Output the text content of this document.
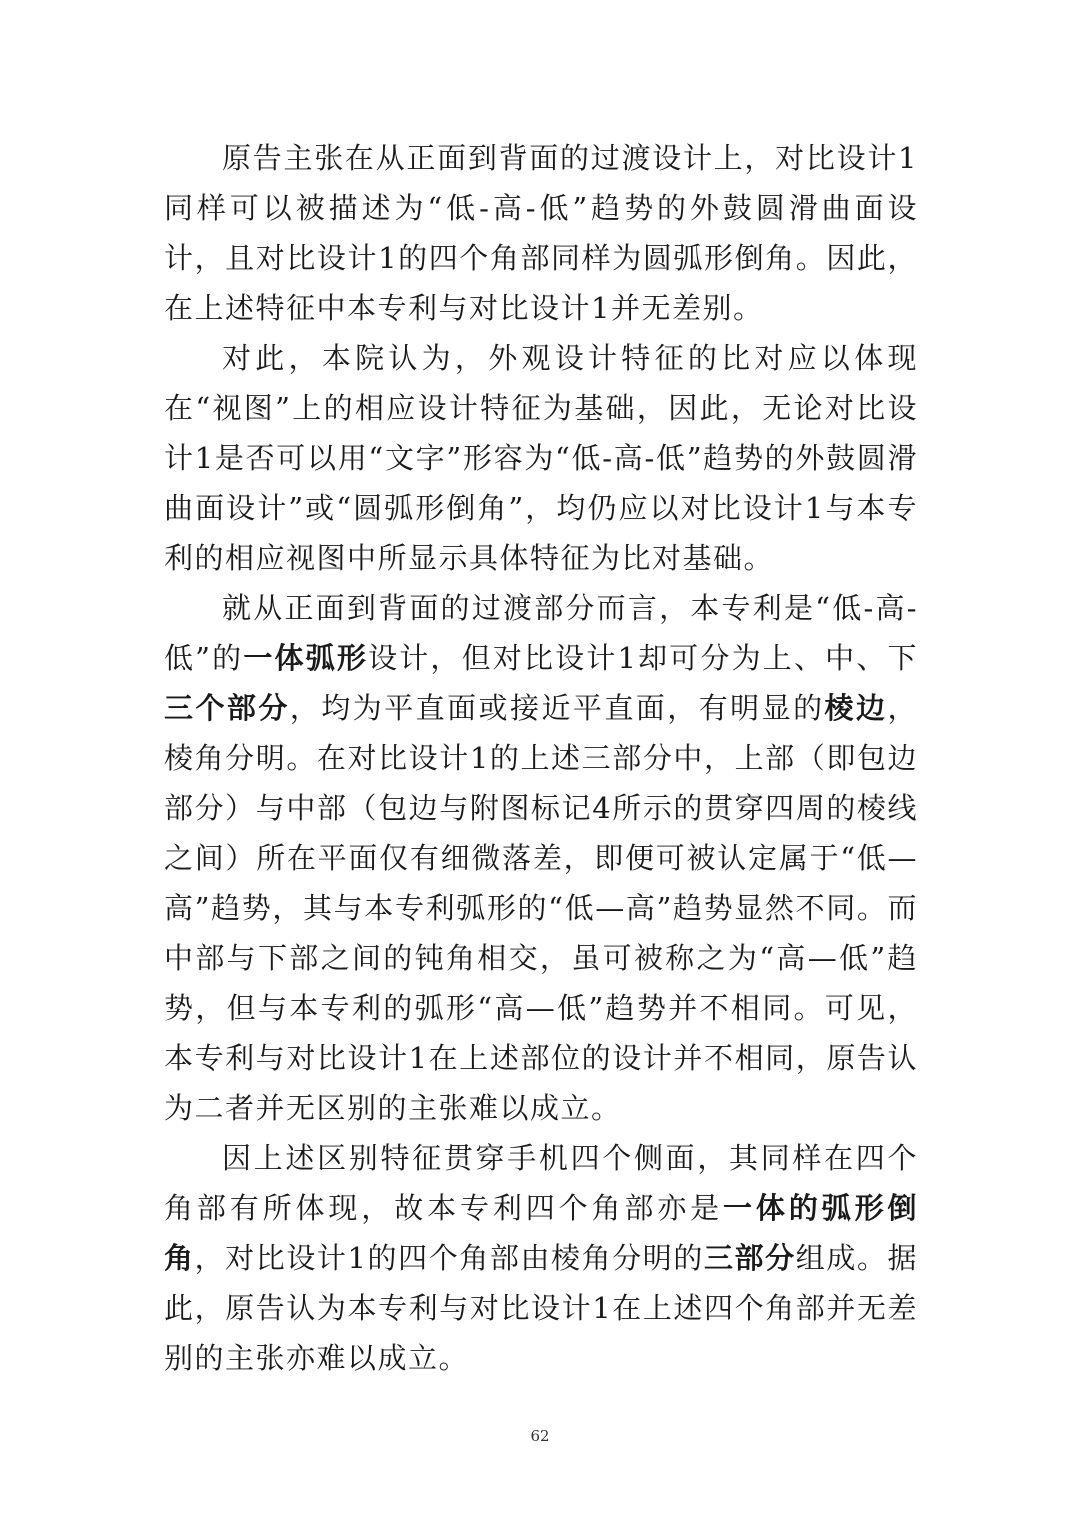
原告主张在从正面到背面的过渡设计上，对比设计1同样可以被描述为“低-高-低”趋势的外鼓圆滑曲面设计，且对比设计1的四个角部同样为圆弧形倒角。因此，在上述特征中本专利与对比设计1并无差别。

对此，本院认为，外观设计特征的比对应以体现在“视图”上的相应设计特征为基础，因此，无论对比设计1是否可以用“文字”形容为“低-高-低”趋势的外鼓圆滑曲面设计”或“圆弧形倒角”，均仍应以对比设计1与本专利的相应视图中所显示具体特征为比对基础。

就从正面到背面的过渡部分而言，本专利是“低-高-低”的一体弧形设计，但对比设计1却可分为上、中、下三个部分，均为平直面或接近平直面，有明显的棱边，棱角分明。在对比设计1的上述三部分中，上部（即包边部分）与中部（包边与附图标记4所示的贯穿四周的棱线之间）所在平面仅有细微落差，即便可被认定属于“低—高”趋势，其与本专利弧形的“低—高”趋势显然不同。而中部与下部之间的钝角相交，虽可被称之为“高—低”趋势，但与本专利的弧形“高—低”趋势并不相同。可见，本专利与对比设计1在上述部位的设计并不相同，原告认为二者并无区别的主张难以成立。

因上述区别特征贯穿手机四个侧面，其同样在四个角部有所体现，故本专利四个角部亦是一体的弧形倒角，对比设计1的四个角部由棱角分明的三部分组成。据此，原告认为本专利与对比设计1在上述四个角部并无差别的主张亦难以成立。

62
